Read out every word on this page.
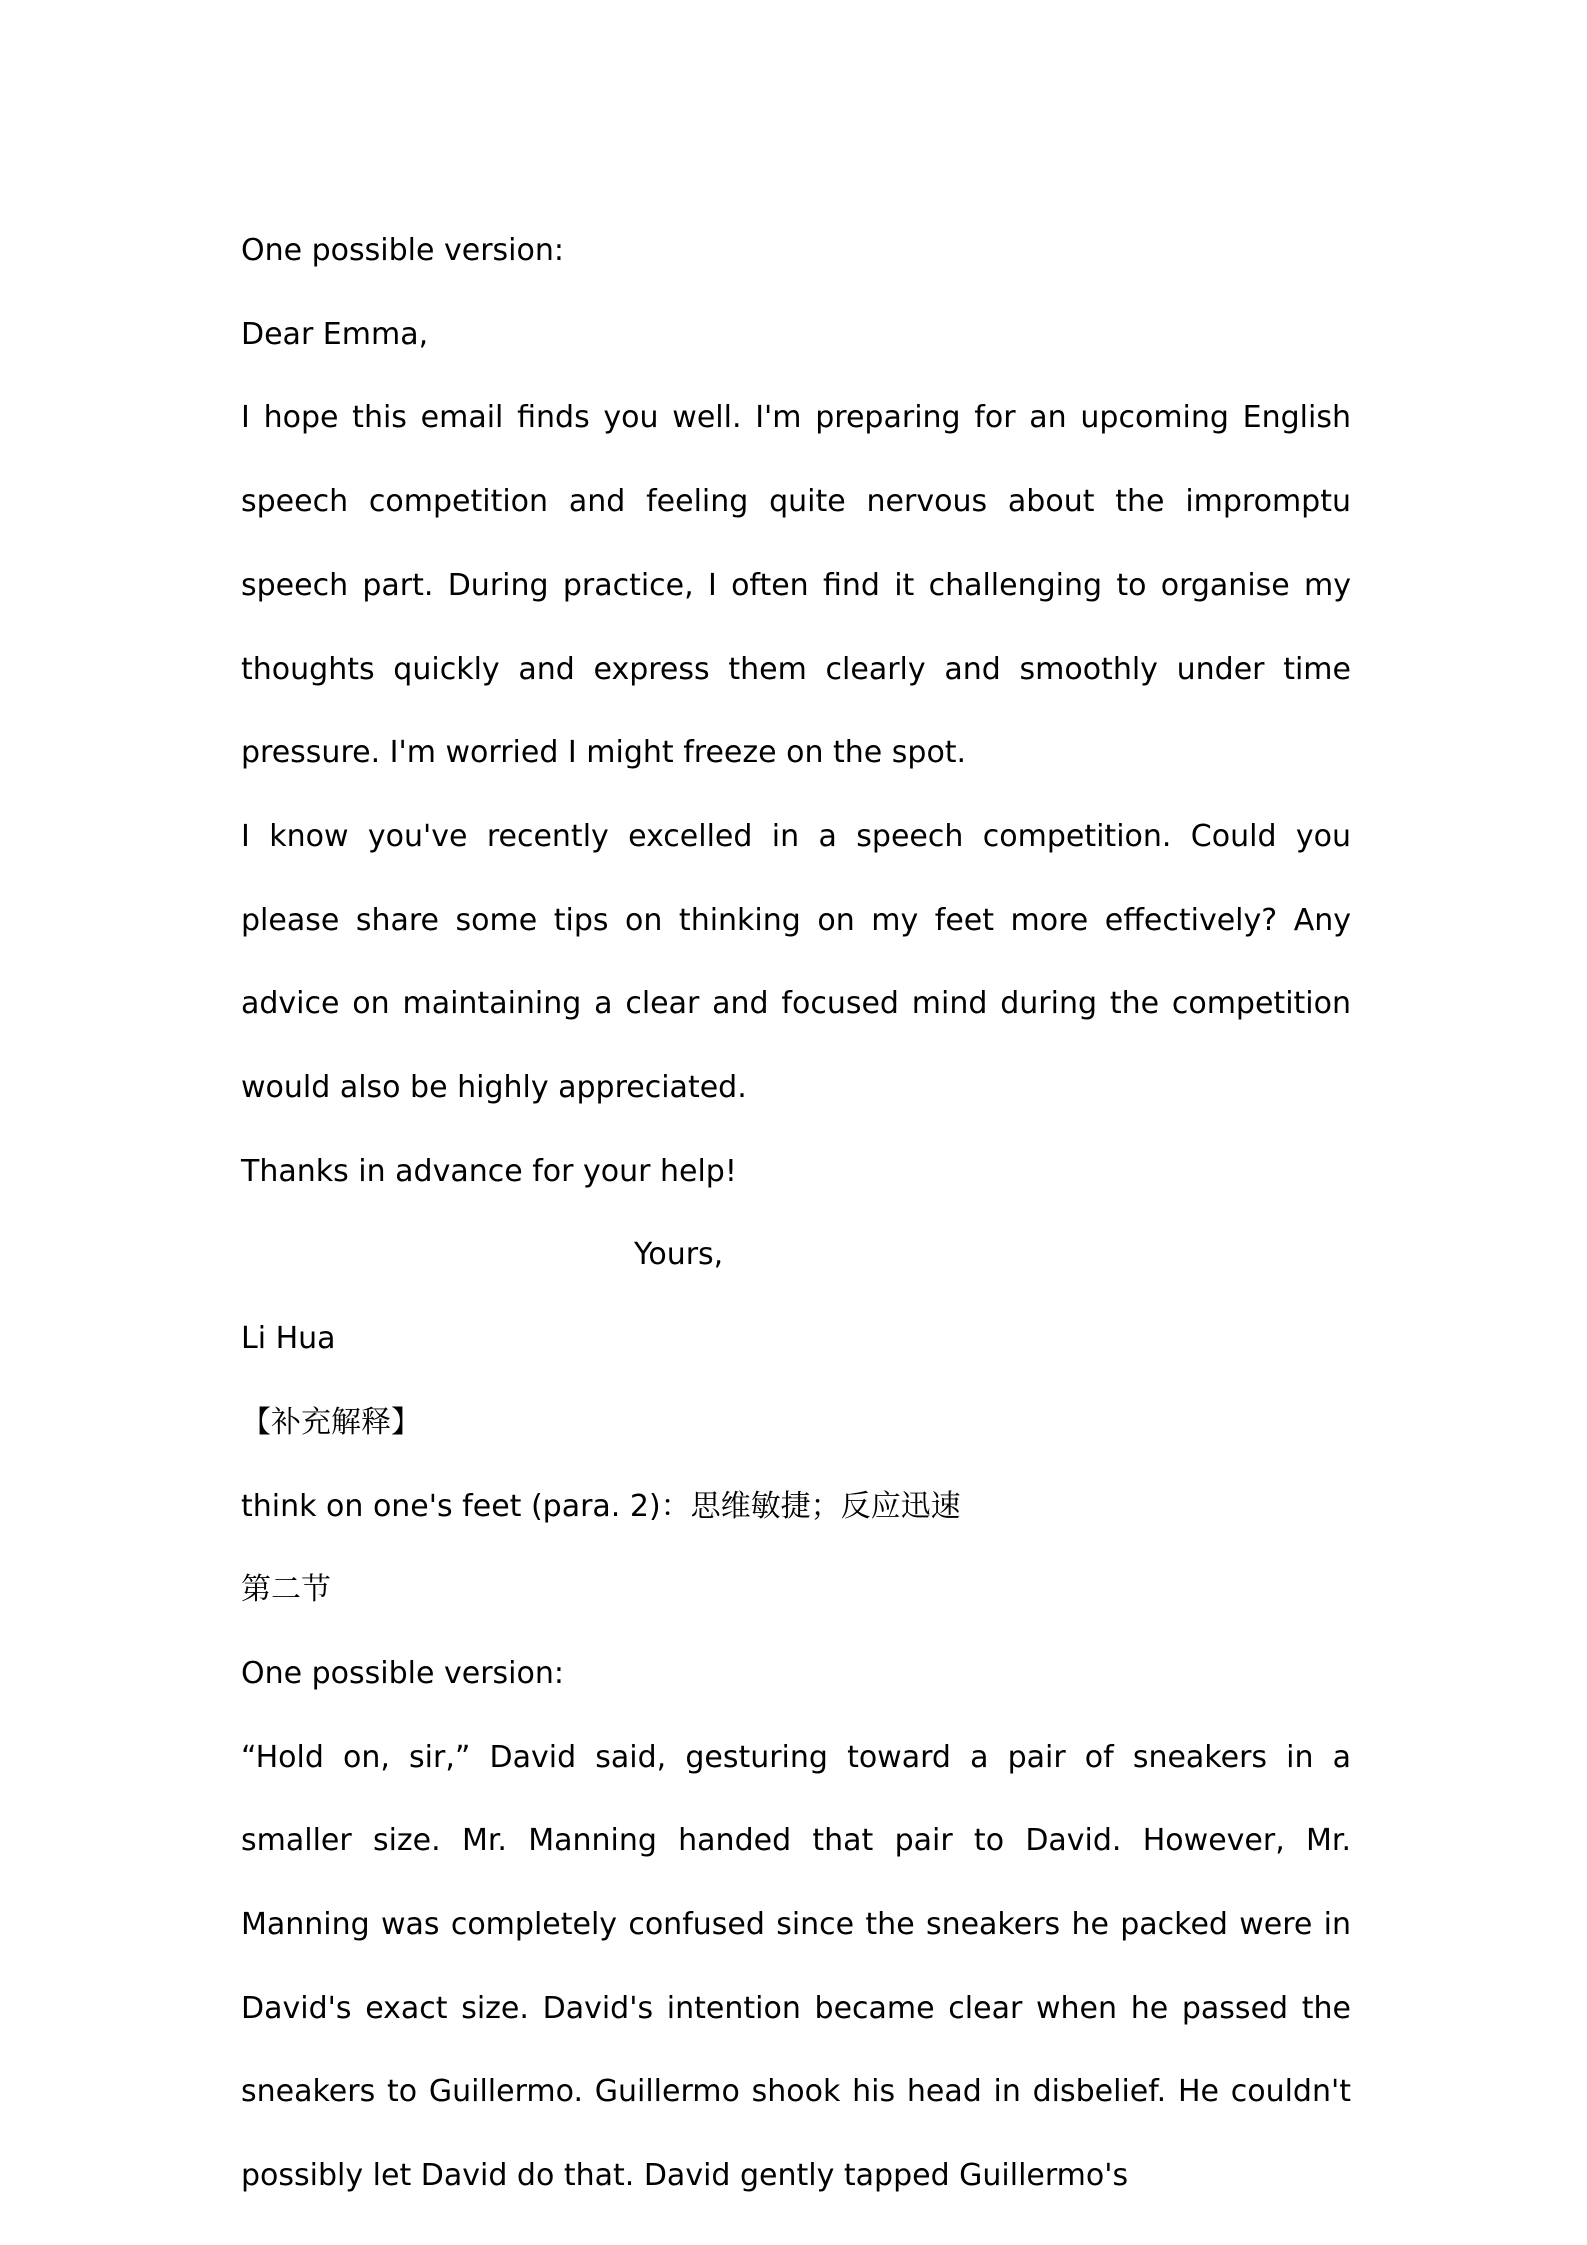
One possible version:

Dear Emma,

I hope this email finds you well. I'm preparing for an upcoming English speech competition and feeling quite nervous about the impromptu speech part. During practice, I often find it challenging to organise my thoughts quickly and express them clearly and smoothly under time pressure. I'm worried I might freeze on the spot.

I know you've recently excelled in a speech competition. Could you please share some tips on thinking on my feet more effectively? Any advice on maintaining a clear and focused mind during the competition would also be highly appreciated.

Thanks in advance for your help!

Yours,

Li Hua

【补充解释】

think on one's feet (para. 2)：思维敏捷；反应迅速

第二节

One possible version:

“Hold on, sir,” David said, gesturing toward a pair of sneakers in a smaller size. Mr. Manning handed that pair to David. However, Mr. Manning was completely confused since the sneakers he packed were in David's exact size. David's intention became clear when he passed the sneakers to Guillermo. Guillermo shook his head in disbelief. He couldn't possibly let David do that. David gently tapped Guillermo's
